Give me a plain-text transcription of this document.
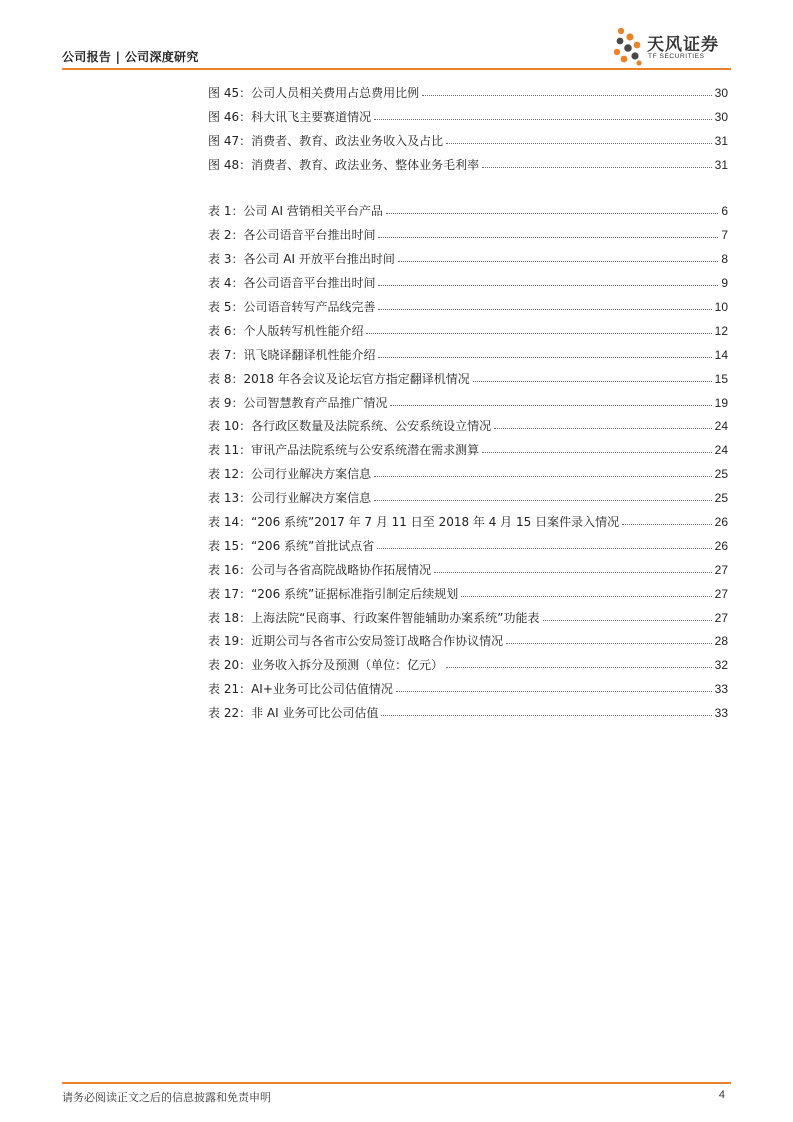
公司报告 | 公司深度研究
天风证券
TF SECURITIES
图 45：公司人员相关费用占总费用比例	30
图 46：科大讯飞主要赛道情况	30
图 47：消费者、教育、政法业务收入及占比	31
图 48：消费者、教育、政法业务、整体业务毛利率	31
表 1：公司 AI 营销相关平台产品	6
表 2：各公司语音平台推出时间	7
表 3：各公司 AI 开放平台推出时间	8
表 4：各公司语音平台推出时间	9
表 5：公司语音转写产品线完善	10
表 6：个人版转写机性能介绍	12
表 7：讯飞晓译翻译机性能介绍	14
表 8：2018 年各会议及论坛官方指定翻译机情况	15
表 9：公司智慧教育产品推广情况	19
表 10：各行政区数量及法院系统、公安系统设立情况	24
表 11：审讯产品法院系统与公安系统潜在需求测算	24
表 12：公司行业解决方案信息	25
表 13：公司行业解决方案信息	25
表 14：“206 系统”2017 年 7 月 11 日至 2018 年 4 月 15 日案件录入情况	26
表 15：“206 系统”首批试点省	26
表 16：公司与各省高院战略协作拓展情况	27
表 17：“206 系统”证据标准指引制定后续规划	27
表 18：上海法院“民商事、行政案件智能辅助办案系统”功能表	27
表 19：近期公司与各省市公安局签订战略合作协议情况	28
表 20：业务收入拆分及预测（单位：亿元）	32
表 21：AI+业务可比公司估值情况	33
表 22：非 AI 业务可比公司估值	33
请务必阅读正文之后的信息披露和免责申明	4
